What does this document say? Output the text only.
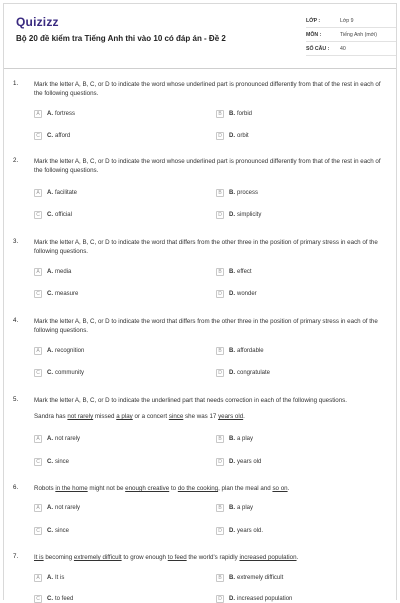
Quizizz
Bộ 20 đề kiểm tra Tiếng Anh thi vào 10 có đáp án - Đề 2
LỚP :	Lớp 9
MÔN :	Tiếng Anh (mới)
SỐ CÂU :	40
1.	Mark the letter A, B, C, or D to indicate the word whose underlined part is pronounced differently from that of the rest in each of the following questions.
A	A. fortress	B	B. forbid
C	C. afford	D	D. orbit
2.	Mark the letter A, B, C, or D to indicate the word whose underlined part is pronounced differently from that of the rest in each of the following questions.
A	A. facilitate	B	B. process
C	C. official	D	D. simplicity
3.	Mark the letter A, B, C, or D to indicate the word that differs from the other three in the position of primary stress in each of the following questions.
A	A. media	B	B. effect
C	C. measure	D	D. wonder
4.	Mark the letter A, B, C, or D to indicate the word that differs from the other three in the position of primary stress in each of the following questions.
A	A. recognition	B	B. affordable
C	C. community	D	D. congratulate
5.	Mark the letter A, B, C, or D to indicate the underlined part that needs correction in each of the following questions.
Sandra has not rarely missed a play or a concert since she was 17 years old.
A	A. not rarely	B	B. a play
C	C. since	D	D. years old
6.	Robots in the home might not be enough creative to do the cooking, plan the meal and so on.
A	A. not rarely	B	B. a play
C	C. since	D	D. years old.
7.	It is becoming extremely difficult to grow enough to feed the world's rapidly increased population.
A	A. It is	B	B. extremely difficult
C	C. to feed	D	D. increased population
